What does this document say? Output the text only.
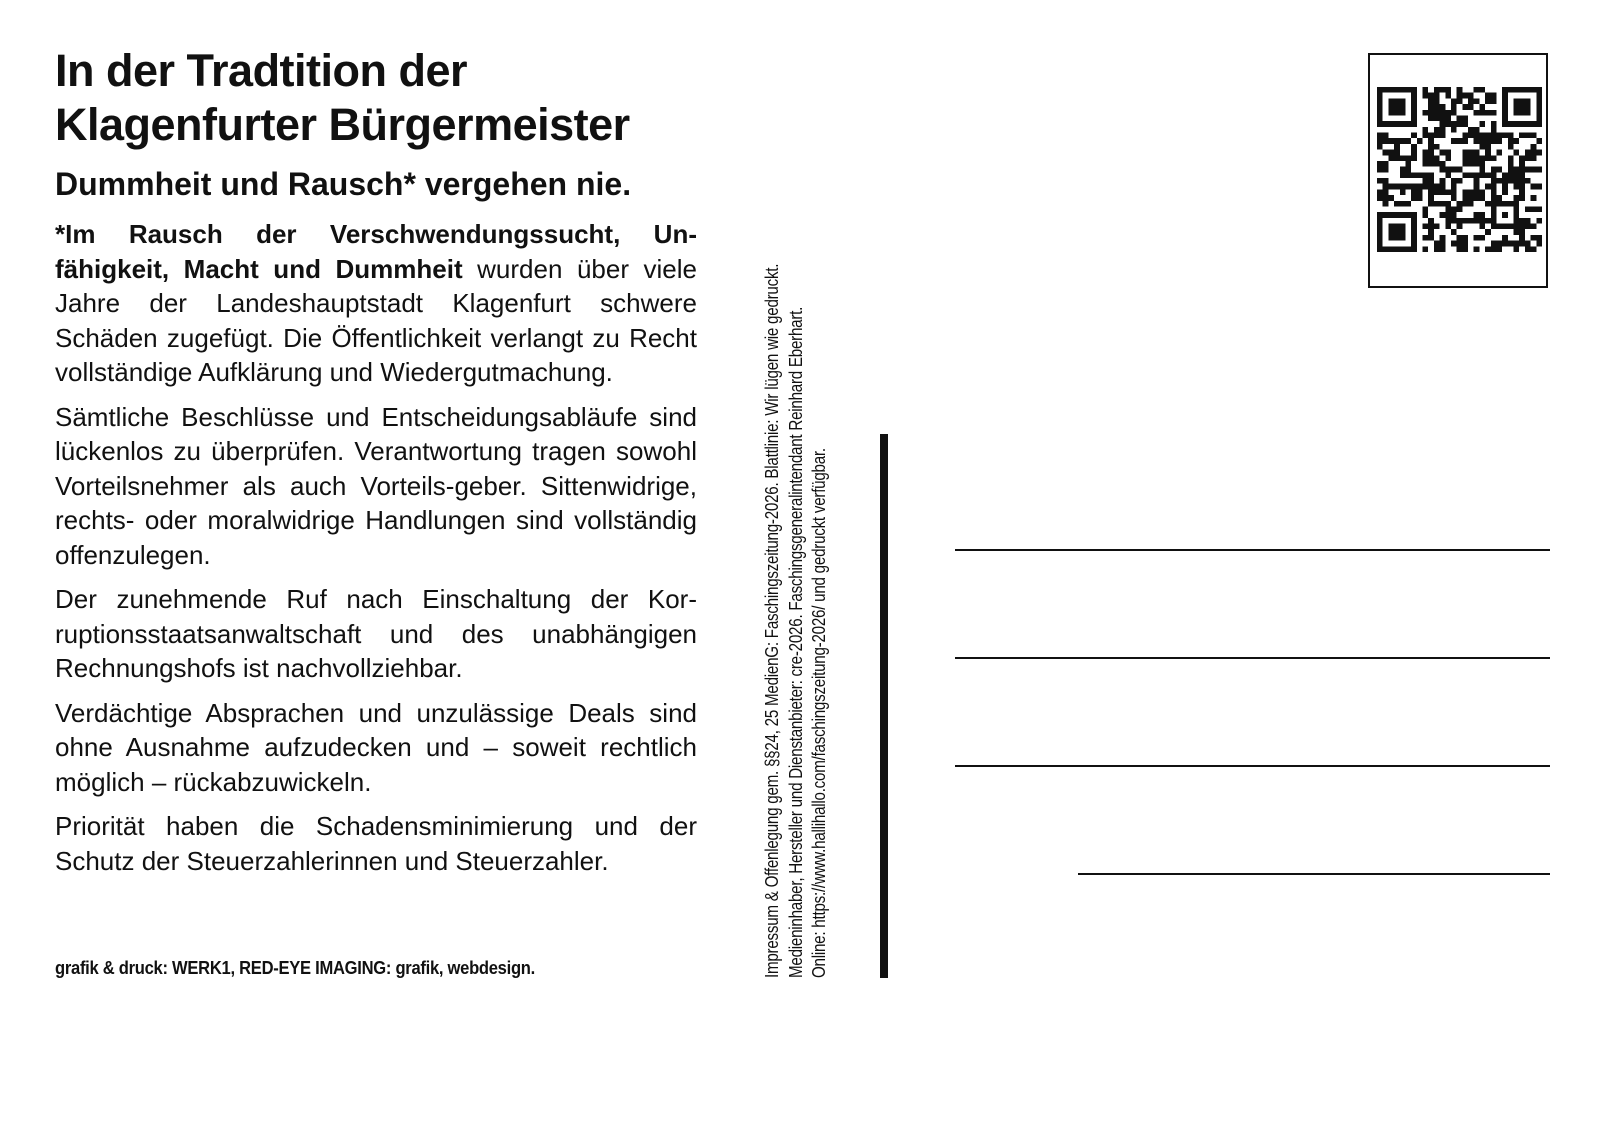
In der Tradtition der
Klagenfurter Bürgermeister
Dummheit und Rausch* vergehen nie.

*Im Rausch der Verschwendungssucht, Un- fähigkeit, Macht und Dummheit wurden über viele Jahre der Landeshauptstadt Klagenfurt schwere Schäden zugefügt. Die Öffentlichkeit verlangt zu Recht vollständige Aufklärung und Wiedergutmachung.

Sämtliche Beschlüsse und Entscheidungsabläufe sind lückenlos zu überprüfen. Verantwortung tragen sowohl Vorteilsnehmer als auch Vorteils-geber. Sittenwidrige, rechts- oder moralwidrige Handlungen sind vollständig offenzulegen.

Der zunehmende Ruf nach Einschaltung der Kor-ruptionsstaatsanwaltschaft und des unabhängigen Rechnungshofs ist nachvollziehbar.

Verdächtige Absprachen und unzulässige Deals sind ohne Ausnahme aufzudecken und – soweit rechtlich möglich – rückabzuwickeln.

Priorität haben die Schadensminimierung und der Schutz der Steuerzahlerinnen und Steuerzahler.

grafik & druck: WERK1, RED-EYE IMAGING: grafik, webdesign.	Impressum & Offenlegung gem. §§24, 25 MedienG: Faschingszeitung-2026. Blattlinie: Wir lügen wie gedruckt. Medieninhaber, Hersteller und Dienstanbieter: cre-2026. Faschingsgeneralintendant Reinhard Eberhart. Online: https://www.hallihallo.com/faschingszeitung-2026/ und gedruckt verfügbar.
